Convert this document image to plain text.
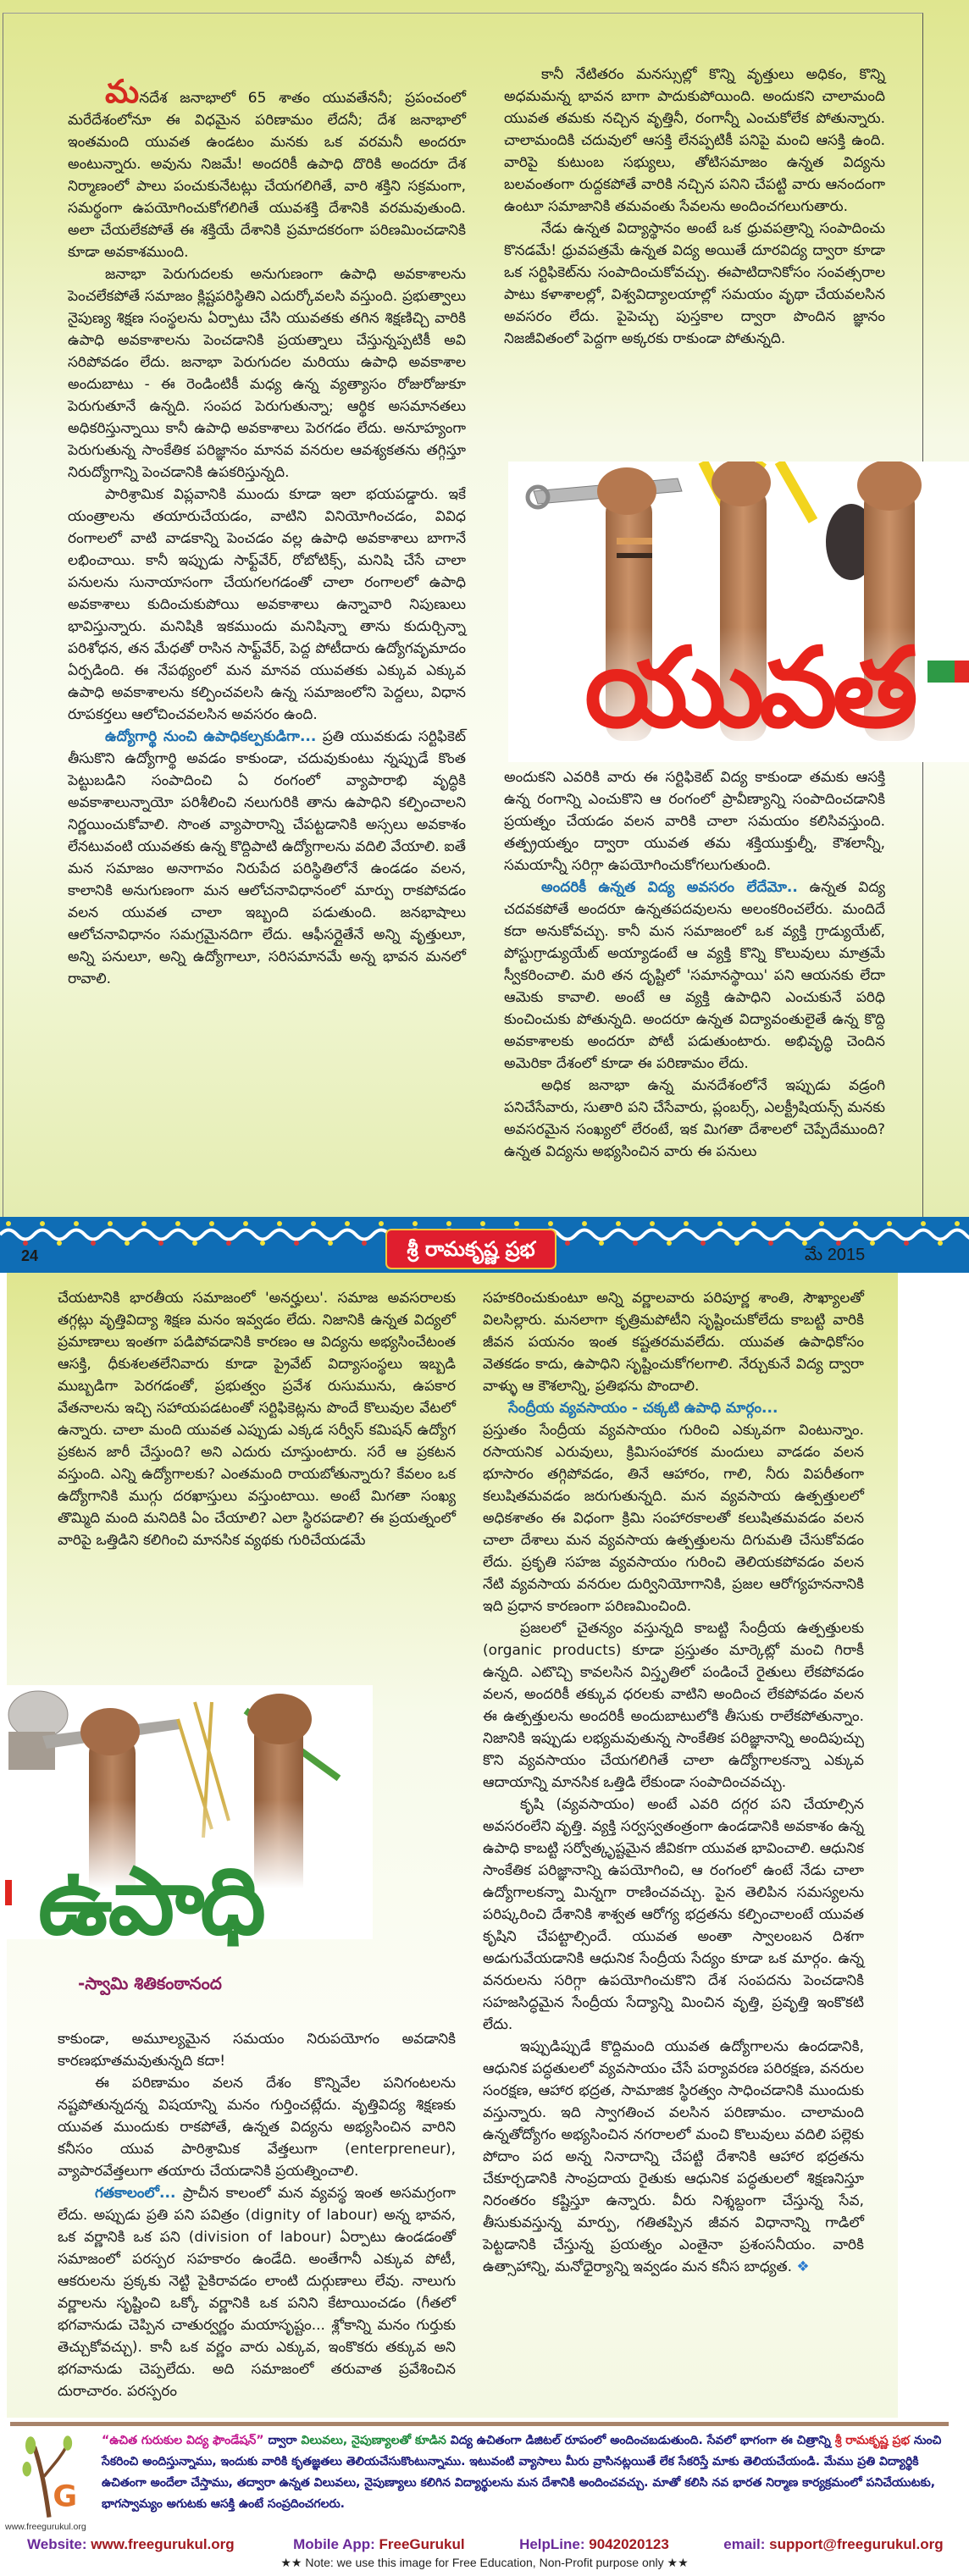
మనదేశ జనాభాలో 65 శాతం యువతేననీ; ప్రపంచంలో మరేదేశంలోనూ ఈ విధమైన పరిణామం లేదనీ; దేశ జనాభాలో ఇంతమంది యువత ఉండటం మనకు ఒక వరమనీ అందరూ అంటున్నారు. అవును నిజమే! అందరికీ ఉపాధి దొరికి అందరూ దేశ నిర్మాణంలో పాలు పంచుకునేటట్లు చేయగలిగితే, వారి శక్తిని సక్రమంగా, సమర్థంగా ఉపయోగించుకోగలిగితే యువశక్తి దేశానికి వరమవుతుంది. అలా చేయలేకపోతే ఈ శక్తియే దేశానికి ప్రమాదకరంగా పరిణమించడానికి కూడా అవకాశముంది.

జనాభా పెరుగుదలకు అనుగుణంగా ఉపాధి అవకాశాలను పెంచలేకపోతే సమాజం క్లిష్టపరిస్థితిని ఎదుర్కోవలసి వస్తుంది. ప్రభుత్వాలు నైపుణ్య శిక్షణ సంస్థలను ఏర్పాటు చేసి యువతకు తగిన శిక్షణిచ్చి వారికి ఉపాధి అవకాశాలను పెంచడానికి ప్రయత్నాలు చేస్తున్నప్పటికీ అవి సరిపోవడం లేదు. జనాభా పెరుగుదల మరియు ఉపాధి అవకాశాల అందుబాటు - ఈ రెండింటికీ మధ్య ఉన్న వ్యత్యాసం రోజురోజుకూ పెరుగుతూనే ఉన్నది. సంపద పెరుగుతున్నా; ఆర్థిక అసమానతలు అధికరిస్తున్నాయి కానీ ఉపాధి అవకాశాలు పెరగడం లేదు. అనూహ్యంగా పెరుగుతున్న సాంకేతిక పరిజ్ఞానం మానవ వనరుల ఆవశ్యకతను తగ్గిస్తూ నిరుద్యోగాన్ని పెంచడానికి ఉపకరిస్తున్నది.

పారిశ్రామిక విప్లవానికి ముందు కూడా ఇలా భయపడ్డారు. ఇకే యంత్రాలను తయారుచేయడం, వాటిని వినియోగించడం, వివిధ రంగాలలో వాటి వాడకాన్ని పెంచడం వల్ల ఉపాధి అవకాశాలు బాగానే లభించాయి. కానీ ఇప్పుడు సాఫ్ట్‌వేర్, రోబోటిక్స్, మనిషి చేసే చాలా పనులను సునాయాసంగా చేయగలగడంతో చాలా రంగాలలో ఉపాధి అవకాశాలు కుదించుకుపోయి అవకాశాలు ఉన్నావారి నిపుణులు భావిస్తున్నారు. మనిషికి ఇకముందు మనిషిన్నా తాను కుదుర్చిన్నా పరిశోధన, తన మేధతో రాసిన సాఫ్ట్‌వేర్, పెద్ద పోటీదారు ఉద్యోగవృమాదం ఏర్పడింది. ఈ నేపథ్యంలో మన మానవ యువతకు ఎక్కువ ఎక్కువ ఉపాధి అవకాశాలను కల్పించవలసి ఉన్న సమాజంలోని పెద్దలు, విధాన రూపకర్తలు ఆలోచించవలసిన అవసరం ఉంది.

ఉద్యోగార్థి నుంచి ఉపాధికల్పకుడిగా... ప్రతి యువకుడు సర్టిఫికెట్ తీసుకొని ఉద్యోగార్థి అవడం కాకుండా, చదువుకుంటు న్నప్పుడే కొంత పెట్టుబడిని సంపాదించి ఏ రంగంలో వ్యాపారాభి వృద్ధికి అవకాశాలున్నాయో పరిశీలించి నలుగురికి తాను ఉపాధిని కల్పించాలని నిర్ణయించుకోవాలి. సొంత వ్యాపారాన్ని చేపట్టడానికి అస్సలు అవకాశం లేనటువంటి యువతకు ఉన్న కొద్దిపాటి ఉద్యోగాలను వదిలి వేయాలి. ఐతే మన సమాజం అనాగావం నిరుపేద పరిస్థితిలోనే ఉండడం వలన, కాలానికి అనుగుణంగా మన ఆలోచనావిధానంలో మార్పు రాకపోవడం వలన యువత చాలా ఇబ్బంది పడుతుంది. జనభాషాలు ఆలోచనావిధానం సమగ్రమైనదిగా లేదు. ఆఫీసర్లైతేనే అన్ని వృత్తులూ, అన్ని పనులూ, అన్ని ఉద్యోగాలూ, సరిసమానమే అన్న భావన మనలో రావాలి.

కానీ నేటితరం మనస్సుల్లో కొన్ని వృత్తులు అధికం, కొన్ని అధమమన్న భావన బాగా పాదుకుపోయింది. అందుకని చాలామంది యువత తమకు నచ్చిన వృత్తినీ, రంగాన్నీ ఎంచుకోలేక పోతున్నారు. చాలామందికి చదువులో ఆసక్తి లేనప్పటికీ పనిపై మంచి ఆసక్తి ఉంది. వారిపై కుటుంబ సభ్యులు, తోటిసమాజం ఉన్నత విద్యను బలవంతంగా రుద్దకపోతే వారికి నచ్చిన పనిని చేపట్టి వారు ఆనందంగా ఉంటూ సమాజానికి తమవంతు సేవలను అందించగలుగుతారు.

నేడు ఉన్నత విద్యాస్థానం అంటే ఒక ధ్రువపత్రాన్ని సంపాదించు కొనడమే! ధ్రువపత్రమే ఉన్నత విద్య అయితే దూరవిద్య ద్వారా కూడా ఒక సర్టిఫికెట్‌ను సంపాదించుకోవచ్చు. ఈపాటిదానికోసం సంవత్సరాల పాటు కళాశాలల్లో, విశ్వవిద్యాలయాల్లో సమయం వృథా చేయవలసిన అవసరం లేదు. పైపెచ్చు పుస్తకాల ద్వారా పొందిన జ్ఞానం నిజజీవితంలో పెద్దగా అక్కరకు రాకుండా పోతున్నది.

యువత

అందుకని ఎవరికి వారు ఈ సర్టిఫికెట్ విద్య కాకుండా తమకు ఆసక్తి ఉన్న రంగాన్ని ఎంచుకొని ఆ రంగంలో ప్రావీణ్యాన్ని సంపాదించడానికి ప్రయత్నం చేయడం వలన వారికి చాలా సమయం కలిసివస్తుంది. తత్ప్రయత్నం ద్వారా యువత తమ శక్తియుక్తుల్నీ, కౌశలాన్నీ, సమయాన్నీ సరిగ్గా ఉపయోగించుకోగలుగుతుంది.

అందరికీ ఉన్నత విద్య అవసరం లేదేమో.. ఉన్నత విద్య చదవకపోతే అందరూ ఉన్నతపదవులను అలంకరించలేరు. మందిదే కదా అనుకోవచ్చు. కానీ మన సమాజంలో ఒక వ్యక్తి గ్రాడ్యుయేట్, పోస్టుగ్రాడ్యుయేట్ అయ్యాడంటే ఆ వ్యక్తి కొన్ని కొలువులు మాత్రమే స్వీకరించాలి. మరి తన దృష్టిలో 'సమానస్థాయి' పని ఆయనకు లేదా ఆమెకు కావాలి. అంటే ఆ వ్యక్తి ఉపాధిని ఎంచుకునే పరిధి కుంచించుకు పోతున్నది. అందరూ ఉన్నత విద్యావంతులైతే ఉన్న కొద్ది అవకాశాలకు అందరూ పోటీ పడుతుంటారు. అభివృద్ధి చెందిన అమెరికా దేశంలో కూడా ఈ పరిణామం లేదు.

అధిక జనాభా ఉన్న మనదేశంలోనే ఇప్పుడు వడ్రంగి పనిచేసేవారు, సుతారి పని చేసేవారు, ప్లంబర్స్, ఎలక్ట్రీషియన్స్ మనకు అవసరమైన సంఖ్యలో లేరంటే, ఇక మిగతా దేశాలలో చెప్పేదేముంది? ఉన్నత విద్యను అభ్యసించిన వారు ఈ పనులు

శ్రీ రామకృష్ణ ప్రభ
24	మే 2015

చేయటానికి భారతీయ సమాజంలో 'అనర్హులు'. సమాజ అవసరాలకు తగ్గట్లు వృత్తివిద్యా శిక్షణ మనం ఇవ్వడం లేదు. నిజానికి ఉన్నత విద్యలో ప్రమాణాలు ఇంతగా పడిపోవడానికి కారణం ఆ విద్యను అభ్యసించేటంత ఆసక్తి, ధీకుశలతలేనివారు కూడా ప్రైవేట్ విద్యాసంస్థలు ఇబ్బడి ముబ్బడిగా పెరగడంతో, ప్రభుత్వం ప్రవేశ రుసుమును, ఉపకార వేతనాలను ఇచ్చి సహాయపడటంతో సర్టిఫికెట్లను పొందే కొలువుల వేటలో ఉన్నారు. చాలా మంది యువత ఎప్పుడు ఎక్కడ సర్వీస్ కమిషన్ ఉద్యోగ ప్రకటన జారీ చేస్తుంది? అని ఎదురు చూస్తుంటారు. సరే ఆ ప్రకటన వస్తుంది. ఎన్ని ఉద్యోగాలకు? ఎంతమంది రాయబోతున్నారు? కేవలం ఒక ఉద్యోగానికి ముగ్గు దరఖాస్తులు వస్తుంటాయి. అంటే మిగతా సంఖ్య తొమ్మిది మంది మనిదికి ఏం చేయాలి? ఎలా స్థిరపడాలి? ఈ ప్రయత్నంలో వారిపై ఒత్తిడిని కలిగించి మానసిక వ్యథకు గురిచేయడమే

ఉపాధి
-స్వామి శితికంఠానంద

కాకుండా, అమూల్యమైన సమయం నిరుపయోగం అవడానికి కారణభూతమవుతున్నది కదా!

ఈ పరిణామం వలన దేశం కొన్నివేల పనిగంటలను నష్టపోతున్నదన్న విషయాన్ని మనం గుర్తించట్లేదు. వృత్తివిద్య శిక్షణకు యువత ముందుకు రాకపోతే, ఉన్నత విద్యను అభ్యసించిన వారిని కనీసం యువ పారిశ్రామిక వేత్తలుగా (enterpreneur), వ్యాపారవేత్తలుగా తయారు చేయడానికి ప్రయత్నించాలి.

గతకాలంలో... ప్రాచీన కాలంలో మన వ్యవస్థ ఇంత అసమగ్రంగా లేదు. అప్పుడు ప్రతి పని పవిత్రం (dignity of labour) అన్న భావన, ఒక వర్ణానికి ఒక పని (division of labour) ఏర్పాటు ఉండడంతో సమాజంలో పరస్పర సహకారం ఉండేది. అంతేగానీ ఎక్కువ పోటీ, ఆకరులను ప్రక్కకు నెట్టి పైకిరావడం లాంటి దుర్గుణాలు లేవు. నాలుగు వర్ణాలను సృష్టించి ఒక్కో వర్ణానికి ఒక పనిని కేటాయించడం (గీతలో భగవానుడు చెప్పిన చాతుర్వర్ణం మయాసృష్టం... శ్లోకాన్ని మనం గుర్తుకు తెచ్చుకోవచ్చు). కానీ ఒక వర్ణం వారు ఎక్కువ, ఇంకొకరు తక్కువ అని భగవానుడు చెప్పలేదు. అది సమాజంలో తరువాత ప్రవేశించిన దురాచారం. పరస్పరం

సహకరించుకుంటూ అన్ని వర్ణాలవారు పరిపూర్ణ శాంతి, సౌఖ్యాలతో విలసిల్లారు. మనలాగా కృత్రిమపోటీని సృష్టించుకోలేదు కాబట్టి వారికి జీవన పయనం ఇంత కష్టతరమవలేదు. యువత ఉపాధికోసం వెతకడం కాదు, ఉపాధిని సృష్టించుకోగలగాలి. నేర్చుకునే విద్య ద్వారా వాళ్ళు ఆ కౌశలాన్ని, ప్రతిభను పొందాలి.

సేంద్రీయ వ్యవసాయం - చక్కటి ఉపాధి మార్గం...

ప్రస్తుతం సేంద్రీయ వ్యవసాయం గురించి ఎక్కువగా వింటున్నాం. రసాయనిక ఎరువులు, క్రిమిసంహారక మందులు వాడడం వలన భూసారం తగ్గిపోవడం, తినే ఆహారం, గాలి, నీరు విపరీతంగా కలుషితమవడం జరుగుతున్నది. మన వ్యవసాయ ఉత్పత్తులలో అధికశాతం ఈ విధంగా క్రిమి సంహారకాలతో కలుషితమవడం వలన చాలా దేశాలు మన వ్యవసాయ ఉత్పత్తులను దిగుమతి చేసుకోవడం లేదు. ప్రకృతి సహజ వ్యవసాయం గురించి తెలియకపోవడం వలన నేటి వ్యవసాయ వనరుల దుర్వినియోగానికి, ప్రజల ఆరోగ్యహననానికి ఇది ప్రధాన కారణంగా పరిణమించింది.

ప్రజలలో చైతన్యం వస్తున్నది కాబట్టి సేంద్రీయ ఉత్పత్తులకు (organic products) కూడా ప్రస్తుతం మార్కెట్లో మంచి గిరాకీ ఉన్నది. ఎటొచ్చి కావలసిన విస్తృతిలో పండించే రైతులు లేకపోవడం వలన, అందరికీ తక్కువ ధరలకు వాటిని అందించ లేకపోవడం వలన ఈ ఉత్పత్తులను అందరికీ అందుబాటులోకి తీసుకు రాలేకపోతున్నాం. నిజానికి ఇప్పుడు లభ్యమవుతున్న సాంకేతిక పరిజ్ఞానాన్ని అందిపుచ్చు కొని వ్యవసాయం చేయగలిగితే చాలా ఉద్యోగాలకన్నా ఎక్కువ ఆదాయాన్ని మానసిక ఒత్తిడి లేకుండా సంపాదించవచ్చు.

కృషి (వ్యవసాయం) అంటే ఎవరి దగ్గర పని చేయాల్సిన అవసరంలేని వృత్తి. వ్యక్తి సర్వస్వతంత్రంగా ఉండడానికి అవకాశం ఉన్న ఉపాధి కాబట్టి సర్వోత్కృష్టమైన జీవికగా యువత భావించాలి. ఆధునిక సాంకేతిక పరిజ్ఞానాన్ని ఉపయోగించి, ఆ రంగంలో ఉంటే నేడు చాలా ఉద్యోగాలకన్నా మిన్నగా రాణించవచ్చు. పైన తెలిపిన సమస్యలను పరిష్కరించి దేశానికి శాశ్వత ఆరోగ్య భద్రతను కల్పించాలంటే యువత కృషిని చేపట్టాల్సిందే. యువత అంతా స్వాలంబన దిశగా అడుగువేయడానికి ఆధునిక సేంద్రీయ సేద్యం కూడా ఒక మార్గం. ఉన్న వనరులను సరిగ్గా ఉపయోగించుకొని దేశ సంపదను పెంచడానికి సహజసిద్ధమైన సేంద్రీయ సేద్యాన్ని మించిన వృత్తి, ప్రవృత్తి ఇంకొకటి లేదు.

ఇప్పుడిప్పుడే కొద్దిమంది యువత ఉద్యోగాలను ఉందడానికి, ఆధునిక పద్ధతులలో వ్యవసాయం చేసే పర్యావరణ పరిరక్షణ, వనరుల సంరక్షణ, ఆహార భద్రత, సామాజిక స్థిరత్వం సాధించడానికి ముందుకు వస్తున్నారు. ఇది స్వాగతించ వలసిన పరిణామం. చాలామంది ఉన్నతోద్యోగం అభ్యసించిన నగరాలలో మంచి కొలువులు వదిలి పల్లెకు పోదాం పద అన్న నినాదాన్ని చేపట్టి దేశానికి ఆహార భద్రతను చేకూర్చడానికి సాంప్రదాయ రైతుకు ఆధునిక పద్ధతులలో శిక్షణనిస్తూ నిరంతరం కష్టిస్తూ ఉన్నారు. వీరు నిశ్శబ్దంగా చేస్తున్న సేవ, తీసుకువస్తున్న మార్పు, గతితప్పిన జీవన విధానాన్ని గాడిలో పెట్టడానికి చేస్తున్న ప్రయత్నం ఎంతైనా ప్రశంసనీయం. వారికి ఉత్సాహాన్ని, మనోధైర్యాన్ని ఇవ్వడం మన కనీస బాధ్యత. ❖

G
www.freegurukul.org
“ఉచిత గురుకుల విద్య ఫౌండేషన్” ద్వారా విలువలు, నైపుణ్యాలతో కూడిన విద్య ఉచితంగా డిజిటల్ రూపంలో అందించబడుతుంది. సేవలో భాగంగా ఈ చిత్రాన్ని శ్రీ రామకృష్ణ ప్రభ నుంచి సేకరించి అందిస్తున్నాము, ఇందుకు వారికి కృతజ్ఞతలు తెలియచేసుకొంటున్నాము. ఇటువంటి వ్యాసాలు మీరు వ్రాసినట్లయితే లేక సేకరిస్తే మాకు తెలియచేయండి. మేము ప్రతి విద్యార్థికి ఉచితంగా అందేలా చేస్తాము, తద్వారా ఉన్నత విలువలు, నైపుణ్యాలు కలిగిన విద్యార్థులను మన దేశానికి అందించవచ్చు. మాతో కలిసి నవ భారత నిర్మాణ కార్యక్రమంలో పనిచేయుటకు, భాగస్వామ్యం అగుటకు ఆసక్తి ఉంటే సంప్రదించగలరు.
Website: www.freegurukul.org	Mobile App: FreeGurukul	HelpLine: 9042020123	email: support@freegurukul.org
★★ Note: we use this image for Free Education, Non-Profit purpose only ★★
